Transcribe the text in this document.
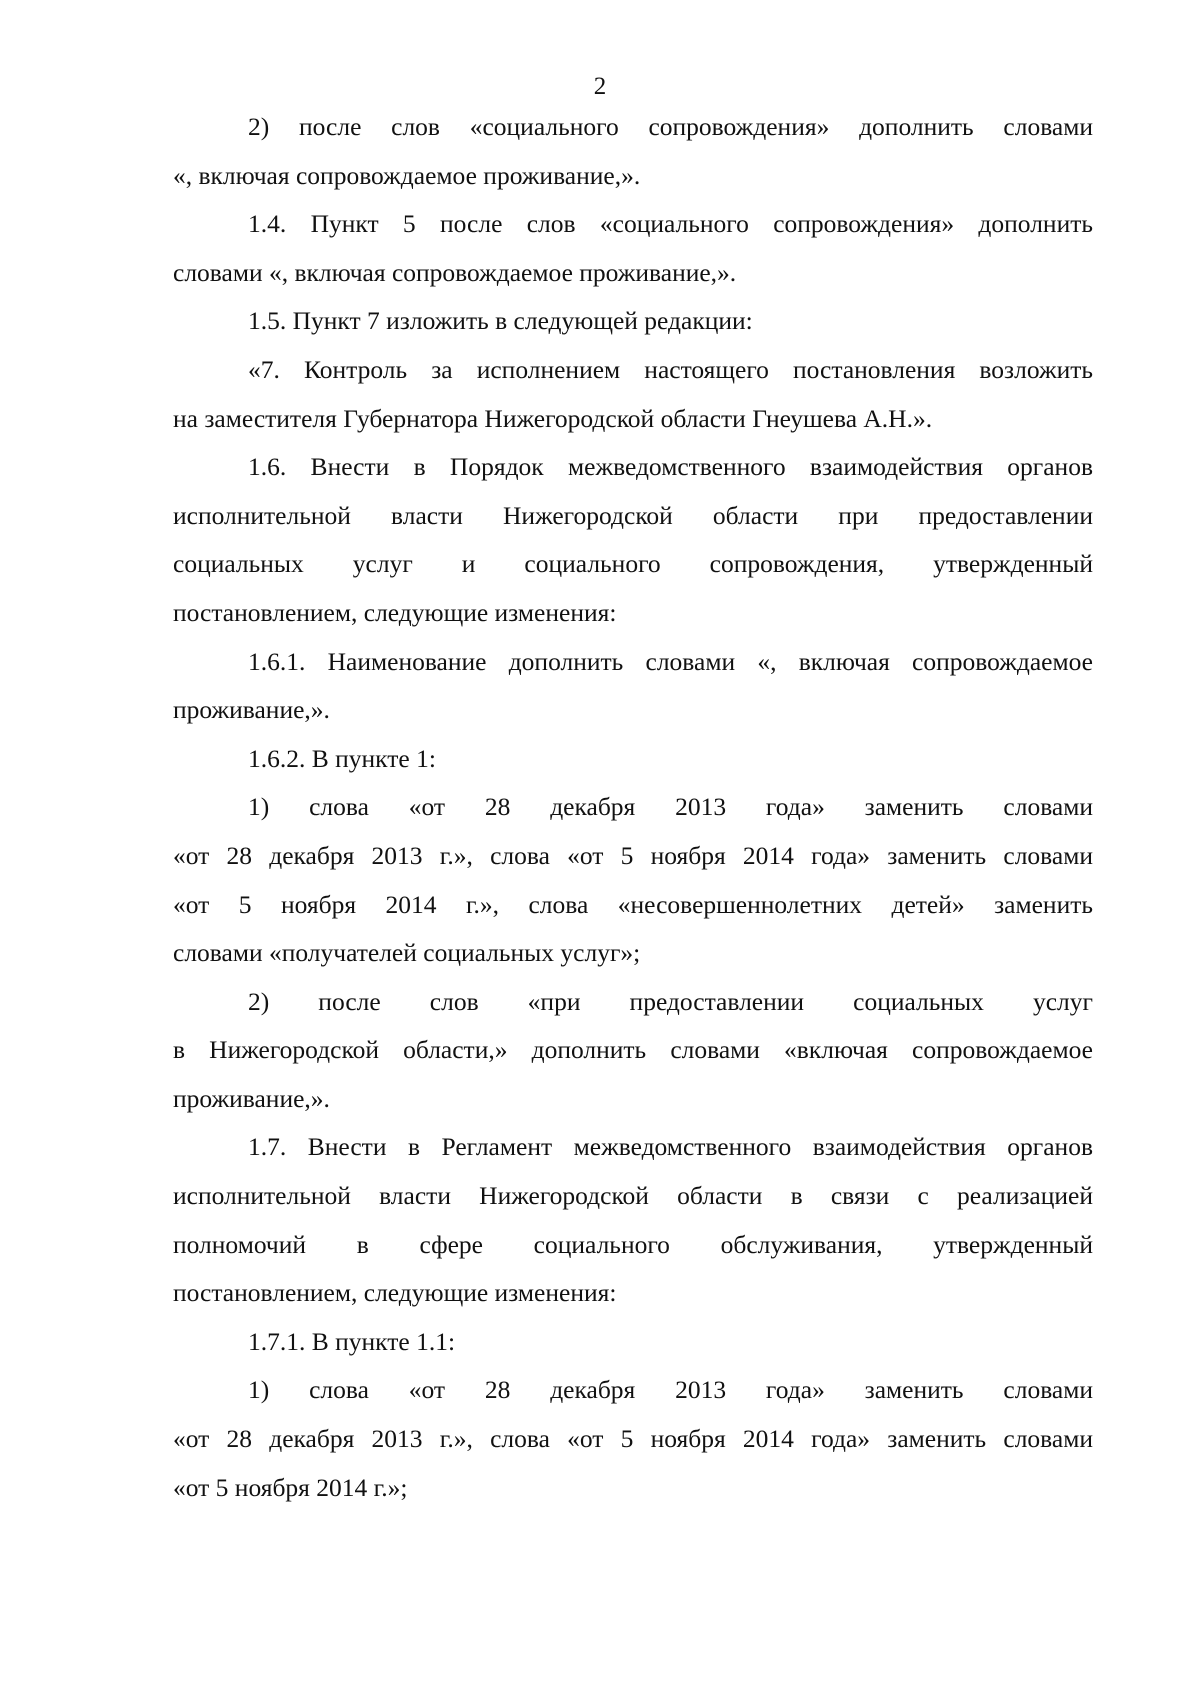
2

2) после слов «социального сопровождения» дополнить словами
«, включая сопровождаемое проживание,».

1.4. Пункт 5 после слов «социального сопровождения» дополнить
словами «, включая сопровождаемое проживание,».

1.5. Пункт 7 изложить в следующей редакции:

«7. Контроль за исполнением настоящего постановления возложить
на заместителя Губернатора Нижегородской области Гнеушева А.Н.».

1.6. Внести в Порядок межведомственного взаимодействия органов
исполнительной власти Нижегородской области при предоставлении
социальных услуг и социального сопровождения, утвержденный
постановлением, следующие изменения:

1.6.1. Наименование дополнить словами «, включая сопровождаемое
проживание,».

1.6.2. В пункте 1:

1) слова «от 28 декабря 2013 года» заменить словами
«от 28 декабря 2013 г.», слова «от 5 ноября 2014 года» заменить словами
«от 5 ноября 2014 г.», слова «несовершеннолетних детей» заменить
словами «получателей социальных услуг»;

2) после слов «при предоставлении социальных услуг
в Нижегородской области,» дополнить словами «включая сопровождаемое
проживание,».

1.7. Внести в Регламент межведомственного взаимодействия органов
исполнительной власти Нижегородской области в связи с реализацией
полномочий в сфере социального обслуживания, утвержденный
постановлением, следующие изменения:

1.7.1. В пункте 1.1:

1) слова «от 28 декабря 2013 года» заменить словами
«от 28 декабря 2013 г.», слова «от 5 ноября 2014 года» заменить словами
«от 5 ноября 2014 г.»;
